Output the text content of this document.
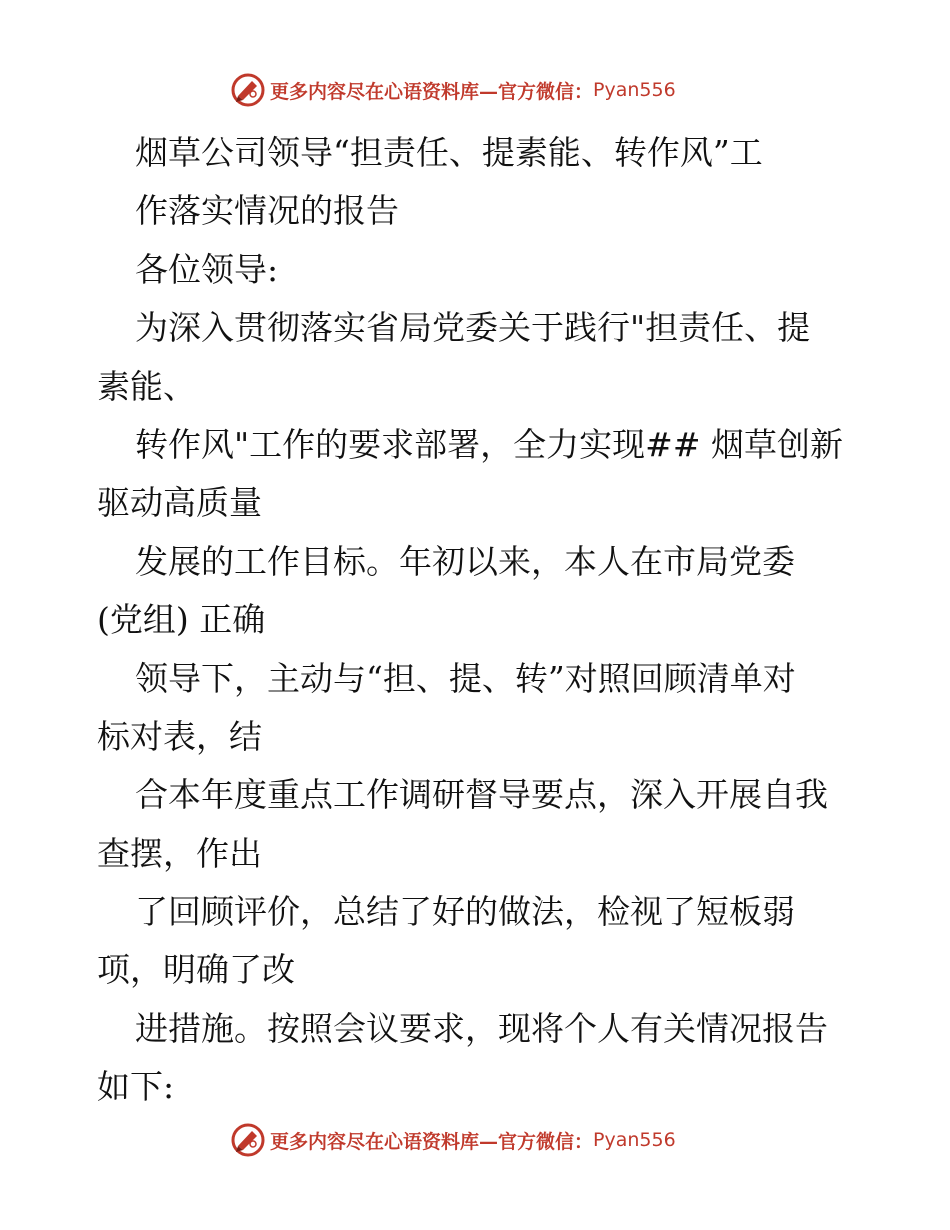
更多内容尽在心语资料库—官方微信： Pyan556
烟草公司领导“担责任、提素能、转作风”工
作落实情况的报告
各位领导:
为深入贯彻落实省局党委关于践行"担责任、提
素能、
转作风"工作的要求部署，全力实现## 烟草创新
驱动高质量
发展的工作目标。年初以来，本人在市局党委
(党组) 正确
领导下，主动与“担、提、转”对照回顾清单对
标对表，结
合本年度重点工作调研督导要点，深入开展自我
查摆，作出
了回顾评价，总结了好的做法，检视了短板弱
项，明确了改
进措施。按照会议要求，现将个人有关情况报告
如下:
更多内容尽在心语资料库—官方微信： Pyan556
